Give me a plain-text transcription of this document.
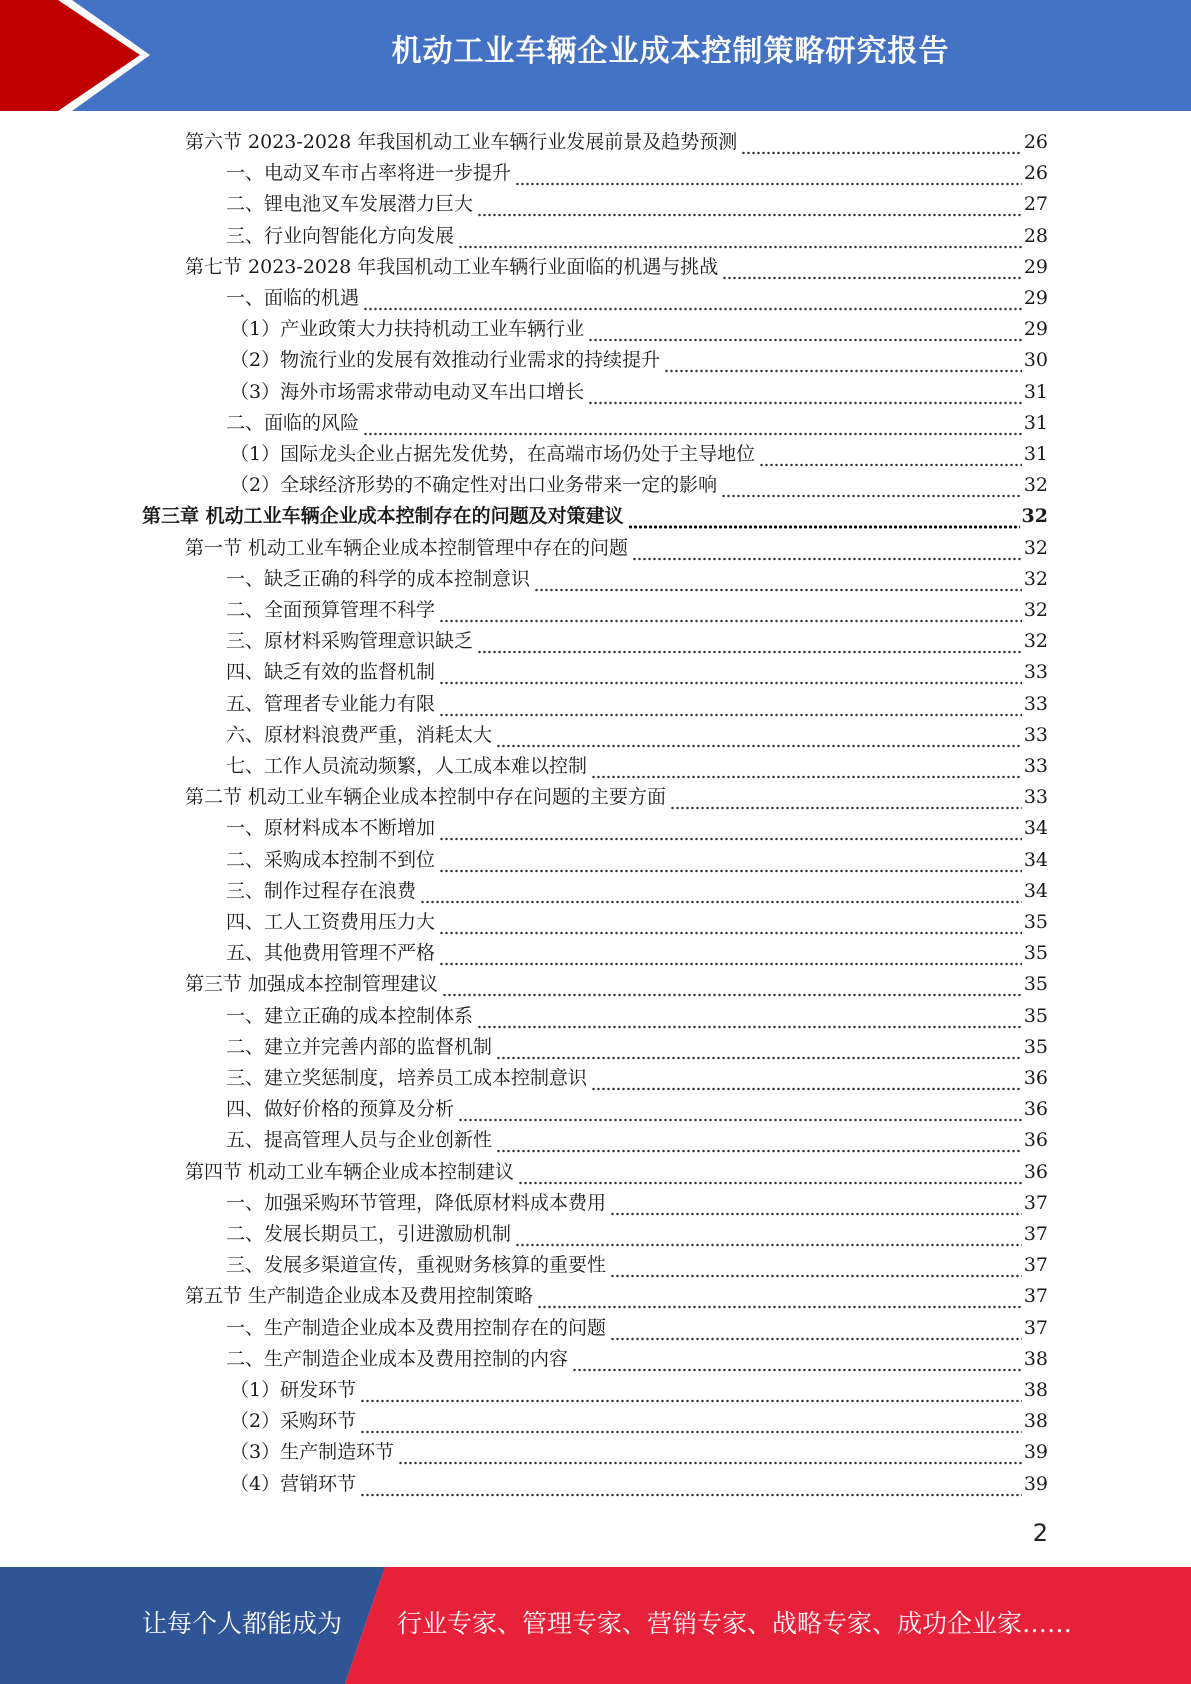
机动工业车辆企业成本控制策略研究报告
第六节 2023-2028 年我国机动工业车辆行业发展前景及趋势预测	26
一、电动叉车市占率将进一步提升	26
二、锂电池叉车发展潜力巨大	27
三、行业向智能化方向发展	28
第七节 2023-2028 年我国机动工业车辆行业面临的机遇与挑战	29
一、面临的机遇	29
（1）产业政策大力扶持机动工业车辆行业	29
（2）物流行业的发展有效推动行业需求的持续提升	30
（3）海外市场需求带动电动叉车出口增长	31
二、面临的风险	31
（1）国际龙头企业占据先发优势，在高端市场仍处于主导地位	31
（2）全球经济形势的不确定性对出口业务带来一定的影响	32
第三章 机动工业车辆企业成本控制存在的问题及对策建议	32
第一节 机动工业车辆企业成本控制管理中存在的问题	32
一、缺乏正确的科学的成本控制意识	32
二、全面预算管理不科学	32
三、原材料采购管理意识缺乏	32
四、缺乏有效的监督机制	33
五、管理者专业能力有限	33
六、原材料浪费严重，消耗太大	33
七、工作人员流动频繁，人工成本难以控制	33
第二节 机动工业车辆企业成本控制中存在问题的主要方面	33
一、原材料成本不断增加	34
二、采购成本控制不到位	34
三、制作过程存在浪费	34
四、工人工资费用压力大	35
五、其他费用管理不严格	35
第三节 加强成本控制管理建议	35
一、建立正确的成本控制体系	35
二、建立并完善内部的监督机制	35
三、建立奖惩制度，培养员工成本控制意识	36
四、做好价格的预算及分析	36
五、提高管理人员与企业创新性	36
第四节 机动工业车辆企业成本控制建议	36
一、加强采购环节管理，降低原材料成本费用	37
二、发展长期员工，引进激励机制	37
三、发展多渠道宣传，重视财务核算的重要性	37
第五节 生产制造企业成本及费用控制策略	37
一、生产制造企业成本及费用控制存在的问题	37
二、生产制造企业成本及费用控制的内容	38
（1）研发环节	38
（2）采购环节	38
（3）生产制造环节	39
（4）营销环节	39
2
让每个人都能成为 行业专家、管理专家、营销专家、战略专家、成功企业家……
